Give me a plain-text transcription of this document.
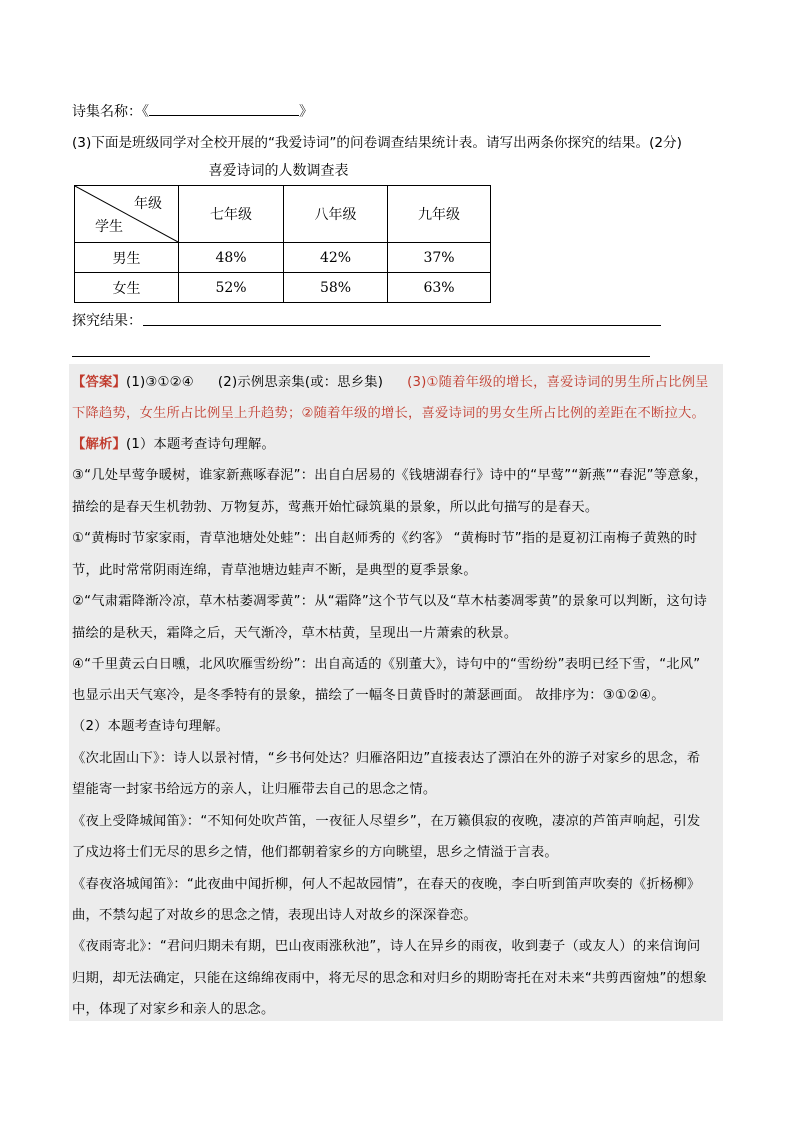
诗集名称：《	》
(3)下面是班级同学对全校开展的“我爱诗词”的问卷调查结果统计表。请写出两条你探究的结果。(2分)
喜爱诗词的人数调查表
年级
学生	七年级	八年级	九年级
男生	48%	42%	37%
女生	52%	58%	63%
探究结果：
【答案】(1)③①②④ (2)示例思亲集(或：思乡集) (3)①随着年级的增长，喜爱诗词的男生所占比例呈
下降趋势，女生所占比例呈上升趋势；②随着年级的增长，喜爱诗词的男女生所占比例的差距在不断拉大。
【解析】(1）本题考查诗句理解。
③“几处早莺争暖树，谁家新燕啄春泥”：出自白居易的《钱塘湖春行》诗中的“早莺”“新燕”“春泥”等意象，
描绘的是春天生机勃勃、万物复苏，莺燕开始忙碌筑巢的景象，所以此句描写的是春天。
①“黄梅时节家家雨，青草池塘处处蛙”：出自赵师秀的《约客》 “黄梅时节”指的是夏初江南梅子黄熟的时
节，此时常常阴雨连绵，青草池塘边蛙声不断，是典型的夏季景象。
②“气肃霜降渐冷凉，草木枯萎凋零黄”：从“霜降”这个节气以及“草木枯萎凋零黄”的景象可以判断，这句诗
描绘的是秋天，霜降之后，天气渐冷，草木枯黄，呈现出一片萧索的秋景。
④“千里黄云白日曛，北风吹雁雪纷纷”：出自高适的《别董大》，诗句中的“雪纷纷”表明已经下雪，“北风”
也显示出天气寒冷，是冬季特有的景象，描绘了一幅冬日黄昏时的萧瑟画面。 故排序为：③①②④。
（2）本题考查诗句理解。
《次北固山下》：诗人以景衬情，“乡书何处达？归雁洛阳边”直接表达了漂泊在外的游子对家乡的思念，希
望能寄一封家书给远方的亲人，让归雁带去自己的思念之情。
《夜上受降城闻笛》：“不知何处吹芦笛，一夜征人尽望乡”，在万籁俱寂的夜晚，凄凉的芦笛声响起，引发
了戍边将士们无尽的思乡之情，他们都朝着家乡的方向眺望，思乡之情溢于言表。
《春夜洛城闻笛》：“此夜曲中闻折柳，何人不起故园情”，在春天的夜晚，李白听到笛声吹奏的《折杨柳》
曲，不禁勾起了对故乡的思念之情，表现出诗人对故乡的深深眷恋。
《夜雨寄北》：“君问归期未有期，巴山夜雨涨秋池”，诗人在异乡的雨夜，收到妻子（或友人）的来信询问
归期，却无法确定，只能在这绵绵夜雨中，将无尽的思念和对归乡的期盼寄托在对未来“共剪西窗烛”的想象
中，体现了对家乡和亲人的思念。
